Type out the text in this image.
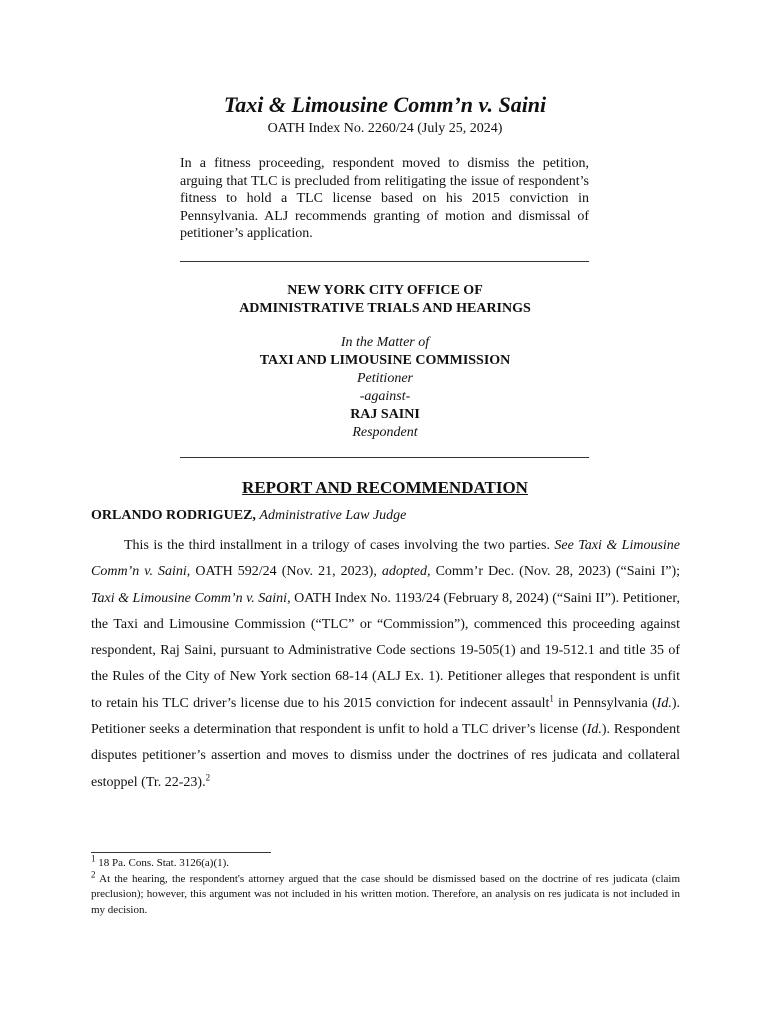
Taxi & Limousine Comm’n v. Saini
OATH Index No. 2260/24 (July 25, 2024)
In a fitness proceeding, respondent moved to dismiss the petition, arguing that TLC is precluded from relitigating the issue of respondent’s fitness to hold a TLC license based on his 2015 conviction in Pennsylvania. ALJ recommends granting of motion and dismissal of petitioner’s application.
NEW YORK CITY OFFICE OF
ADMINISTRATIVE TRIALS AND HEARINGS
In the Matter of
TAXI AND LIMOUSINE COMMISSION
Petitioner
-against-
RAJ SAINI
Respondent
REPORT AND RECOMMENDATION
ORLANDO RODRIGUEZ, Administrative Law Judge
This is the third installment in a trilogy of cases involving the two parties. See Taxi & Limousine Comm’n v. Saini, OATH 592/24 (Nov. 21, 2023), adopted, Comm’r Dec. (Nov. 28, 2023) (“Saini I”); Taxi & Limousine Comm’n v. Saini, OATH Index No. 1193/24 (February 8, 2024) (“Saini II”). Petitioner, the Taxi and Limousine Commission (“TLC” or “Commission”), commenced this proceeding against respondent, Raj Saini, pursuant to Administrative Code sections 19-505(1) and 19-512.1 and title 35 of the Rules of the City of New York section 68-14 (ALJ Ex. 1). Petitioner alleges that respondent is unfit to retain his TLC driver’s license due to his 2015 conviction for indecent assault$^1$ in Pennsylvania (Id.). Petitioner seeks a determination that respondent is unfit to hold a TLC driver’s license (Id.). Respondent disputes petitioner’s assertion and moves to dismiss under the doctrines of res judicata and collateral estoppel (Tr. 22-23).$^2$
$^1$ 18 Pa. Cons. Stat. 3126(a)(1).
$^2$ At the hearing, the respondent's attorney argued that the case should be dismissed based on the doctrine of res judicata (claim preclusion); however, this argument was not included in his written motion. Therefore, an analysis on res judicata is not included in my decision.
